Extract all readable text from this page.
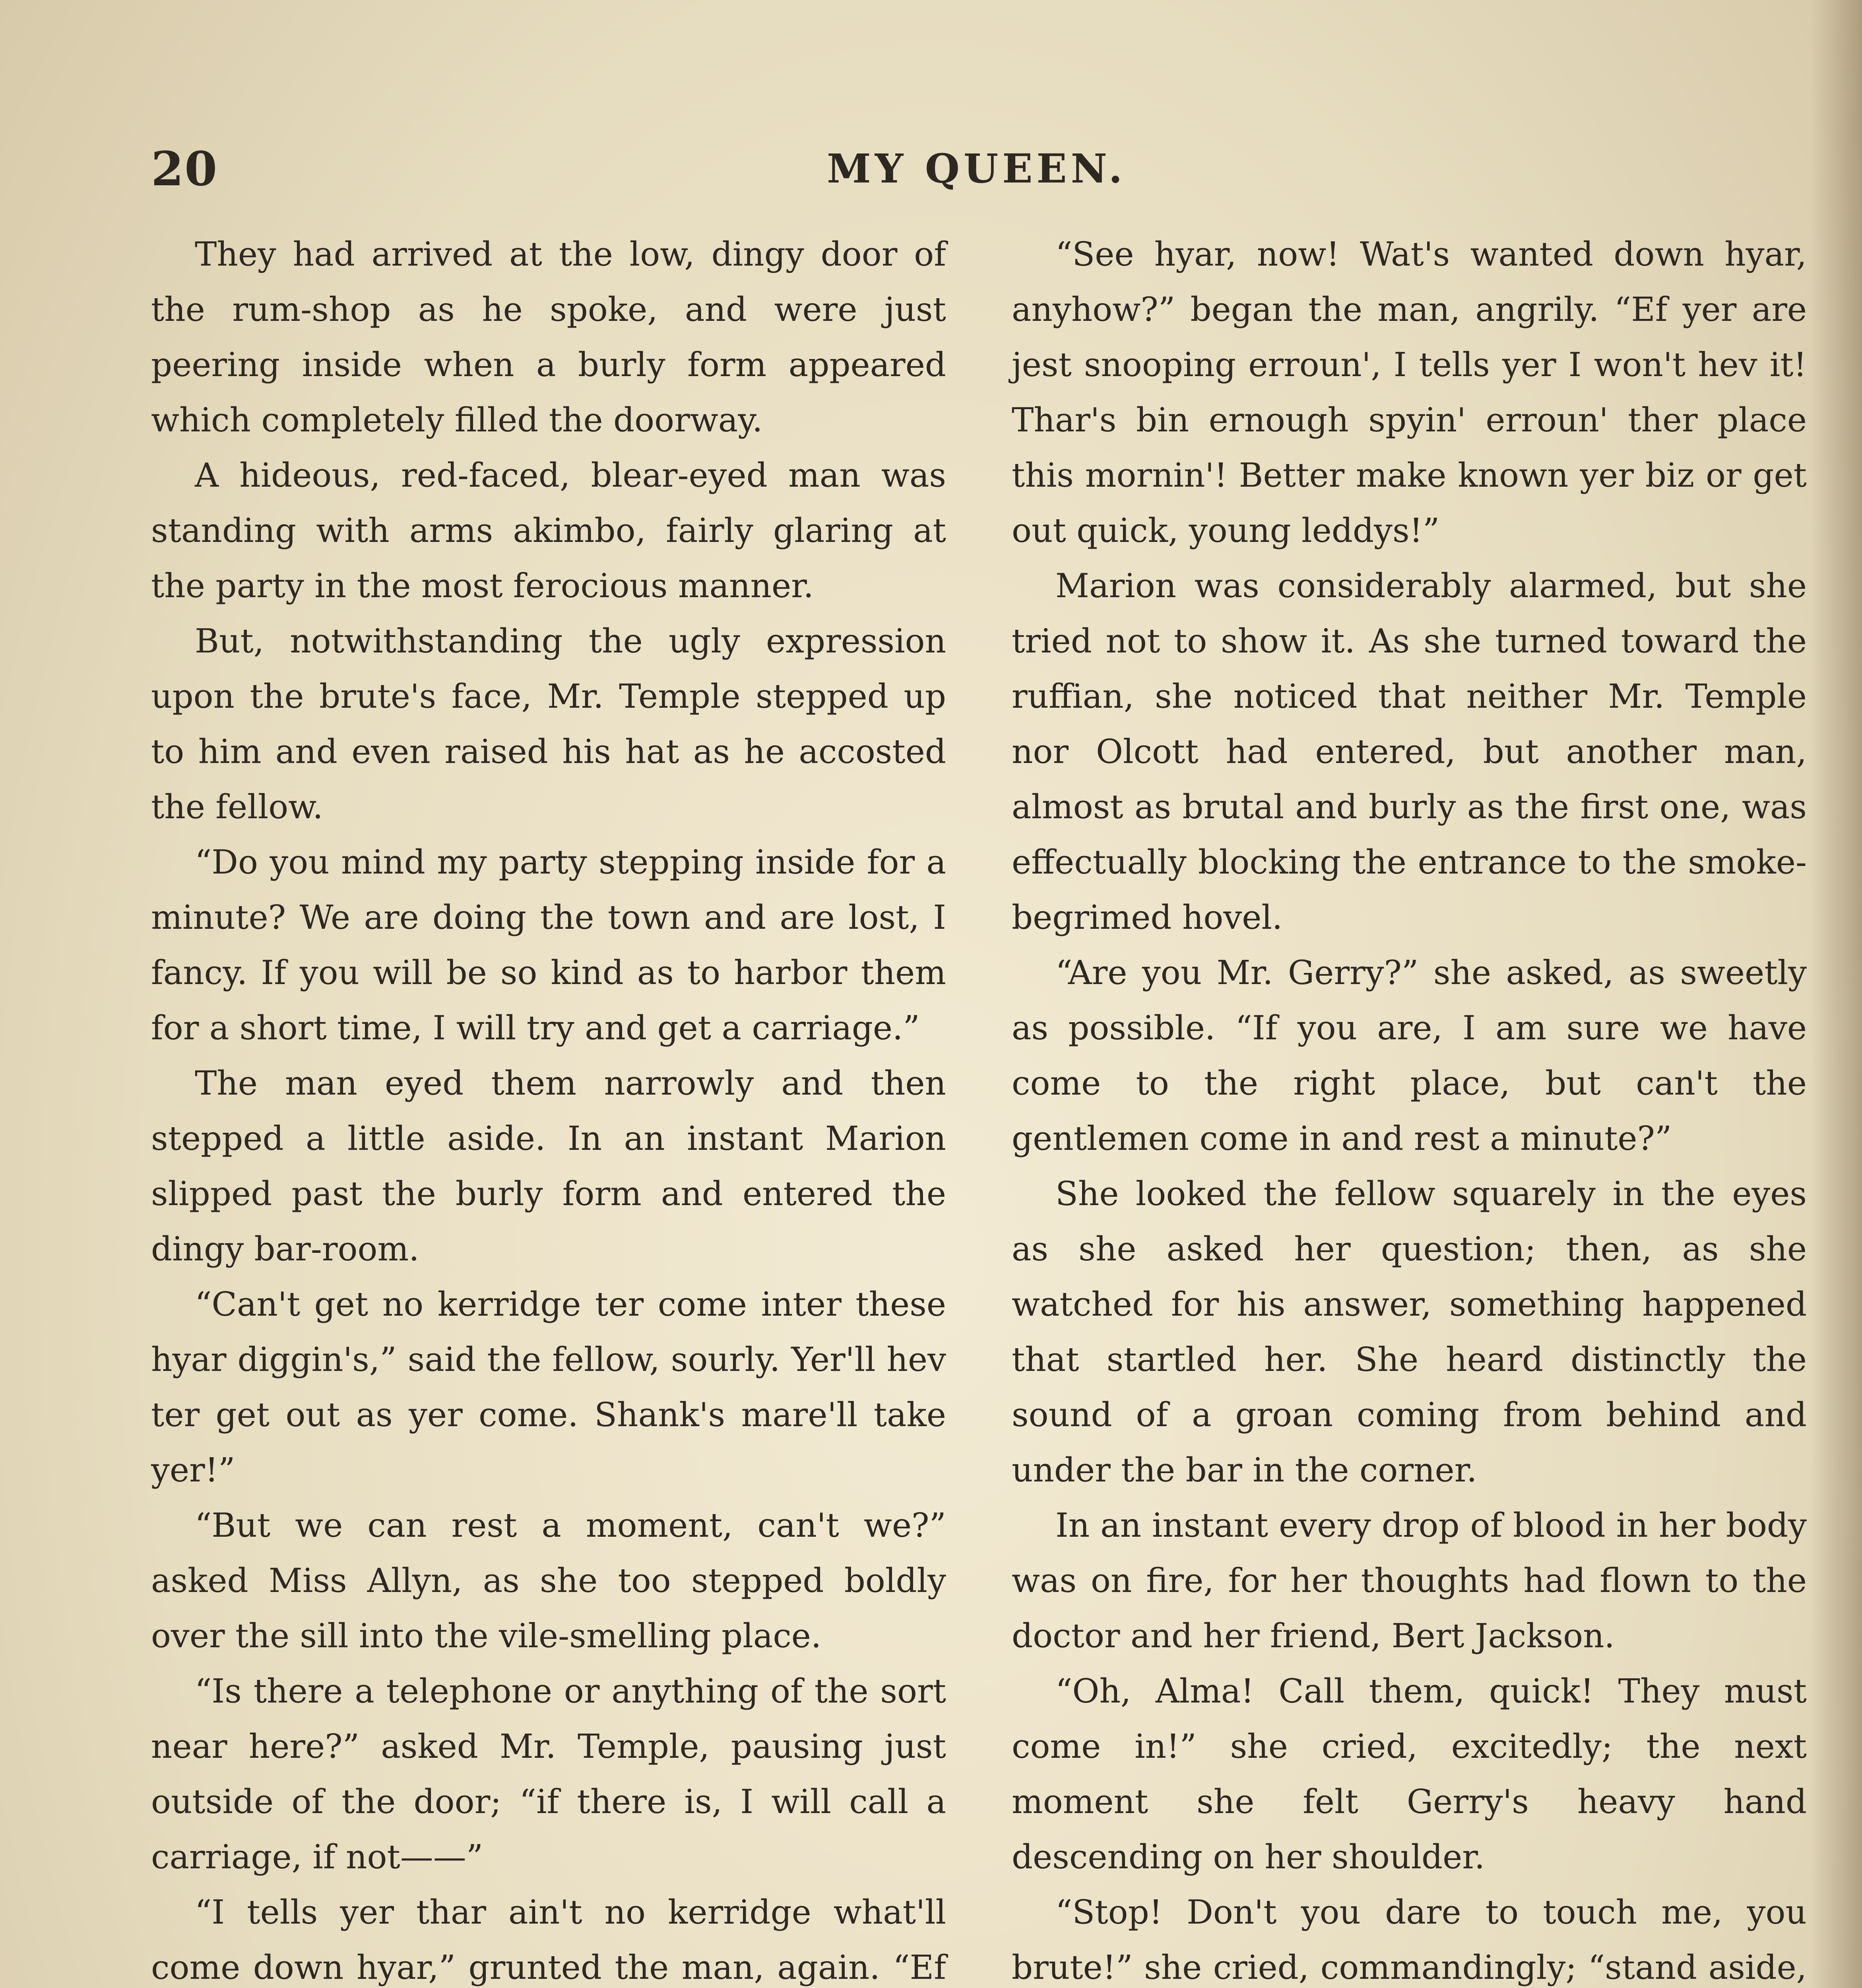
20	MY QUEEN.

They had arrived at the low, dingy door of the rum-shop as he spoke, and were just peering inside when a burly form appeared which completely filled the doorway.

A hideous, red-faced, blear-eyed man was standing with arms akimbo, fairly glaring at the party in the most ferocious manner.

But, notwithstanding the ugly expression upon the brute's face, Mr. Temple stepped up to him and even raised his hat as he accosted the fellow.

“Do you mind my party stepping inside for a minute? We are doing the town and are lost, I fancy. If you will be so kind as to harbor them for a short time, I will try and get a carriage.”

The man eyed them narrowly and then stepped a little aside. In an instant Marion slipped past the burly form and entered the dingy bar-room.

“Can't get no kerridge ter come inter these hyar diggin's,” said the fellow, sourly. Yer'll hev ter get out as yer come. Shank's mare'll take yer!”

“But we can rest a moment, can't we?” asked Miss Allyn, as she too stepped boldly over the sill into the vile-smelling place.

“Is there a telephone or anything of the sort near here?” asked Mr. Temple, pausing just outside of the door; “if there is, I will call a carriage, if not——”

“I tells yer thar ain't no kerridge what'll come down hyar,” grunted the man, again. “Ef

“See hyar, now! Wat's wanted down hyar, anyhow?” began the man, angrily. “Ef yer are jest snooping erroun', I tells yer I won't hev it! Thar's bin ernough spyin' erroun' ther place this mornin'! Better make known yer biz or get out quick, young leddys!”

Marion was considerably alarmed, but she tried not to show it. As she turned toward the ruffian, she noticed that neither Mr. Temple nor Olcott had entered, but another man, almost as brutal and burly as the first one, was effectually blocking the entrance to the smoke-begrimed hovel.

“Are you Mr. Gerry?” she asked, as sweetly as possible. “If you are, I am sure we have come to the right place, but can't the gentlemen come in and rest a minute?”

She looked the fellow squarely in the eyes as she asked her question; then, as she watched for his answer, something happened that startled her. She heard distinctly the sound of a groan coming from behind and under the bar in the corner.

In an instant every drop of blood in her body was on fire, for her thoughts had flown to the doctor and her friend, Bert Jackson.

“Oh, Alma! Call them, quick! They must come in!” she cried, excitedly; the next moment she felt Gerry's heavy hand descending on her shoulder.

“Stop! Don't you dare to touch me, you brute!” she cried, commandingly; “stand aside,
